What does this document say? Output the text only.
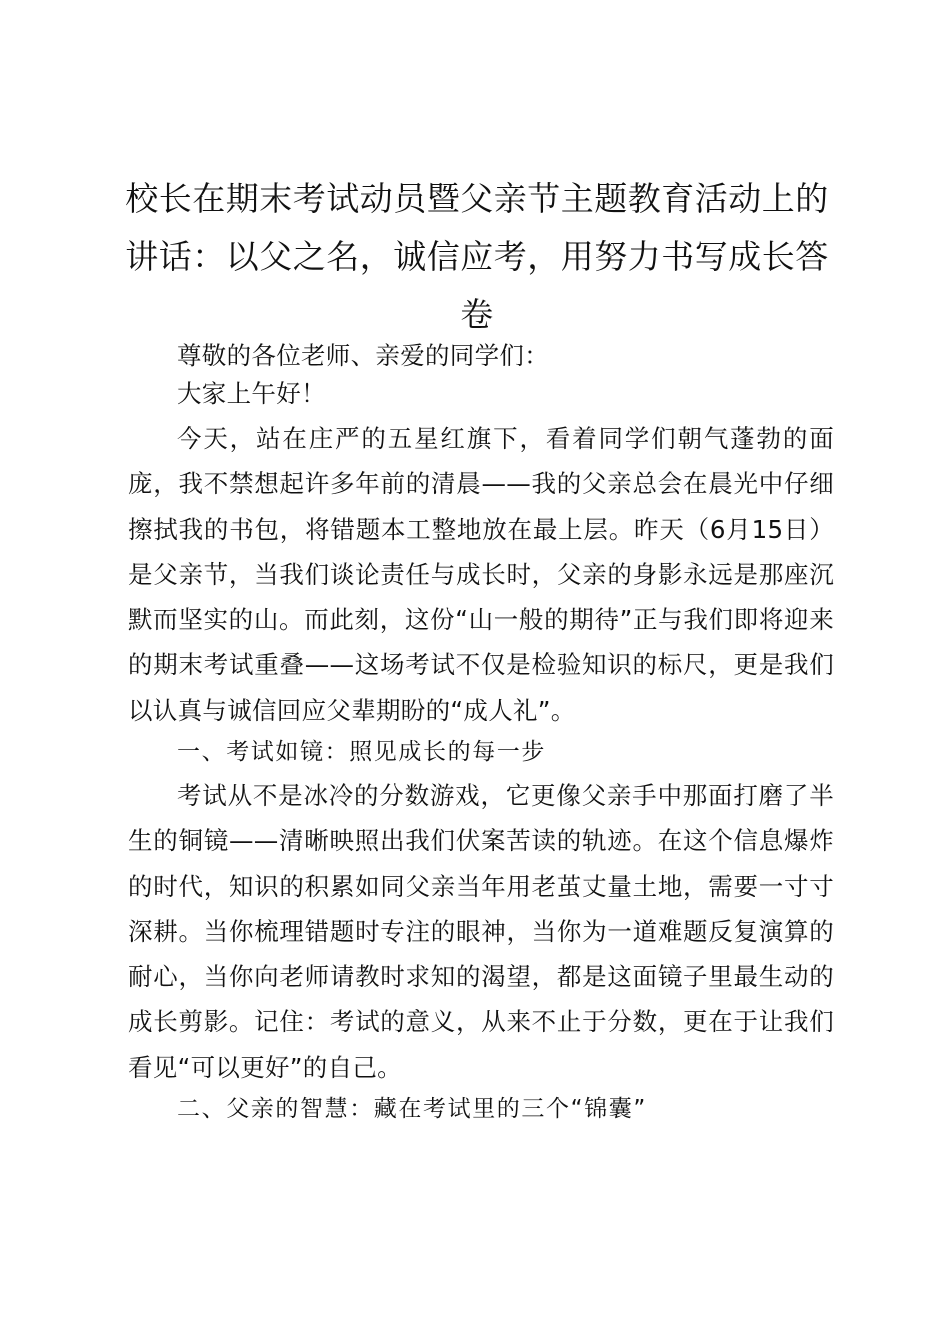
校长在期末考试动员暨父亲节主题教育活动上的讲话：以父之名，诚信应考，用努力书写成长答卷

尊敬的各位老师、亲爱的同学们：

大家上午好！

今天，站在庄严的五星红旗下，看着同学们朝气蓬勃的面庞，我不禁想起许多年前的清晨——我的父亲总会在晨光中仔细擦拭我的书包，将错题本工整地放在最上层。昨天（6月15日）是父亲节，当我们谈论责任与成长时，父亲的身影永远是那座沉默而坚实的山。而此刻，这份“山一般的期待”正与我们即将迎来的期末考试重叠——这场考试不仅是检验知识的标尺，更是我们以认真与诚信回应父辈期盼的“成人礼”。

一、考试如镜：照见成长的每一步

考试从不是冰冷的分数游戏，它更像父亲手中那面打磨了半生的铜镜——清晰映照出我们伏案苦读的轨迹。在这个信息爆炸的时代，知识的积累如同父亲当年用老茧丈量土地，需要一寸寸深耕。当你梳理错题时专注的眼神，当你为一道难题反复演算的耐心，当你向老师请教时求知的渴望，都是这面镜子里最生动的成长剪影。记住：考试的意义，从来不止于分数，更在于让我们看见“可以更好”的自己。

二、父亲的智慧：藏在考试里的三个“锦囊”
